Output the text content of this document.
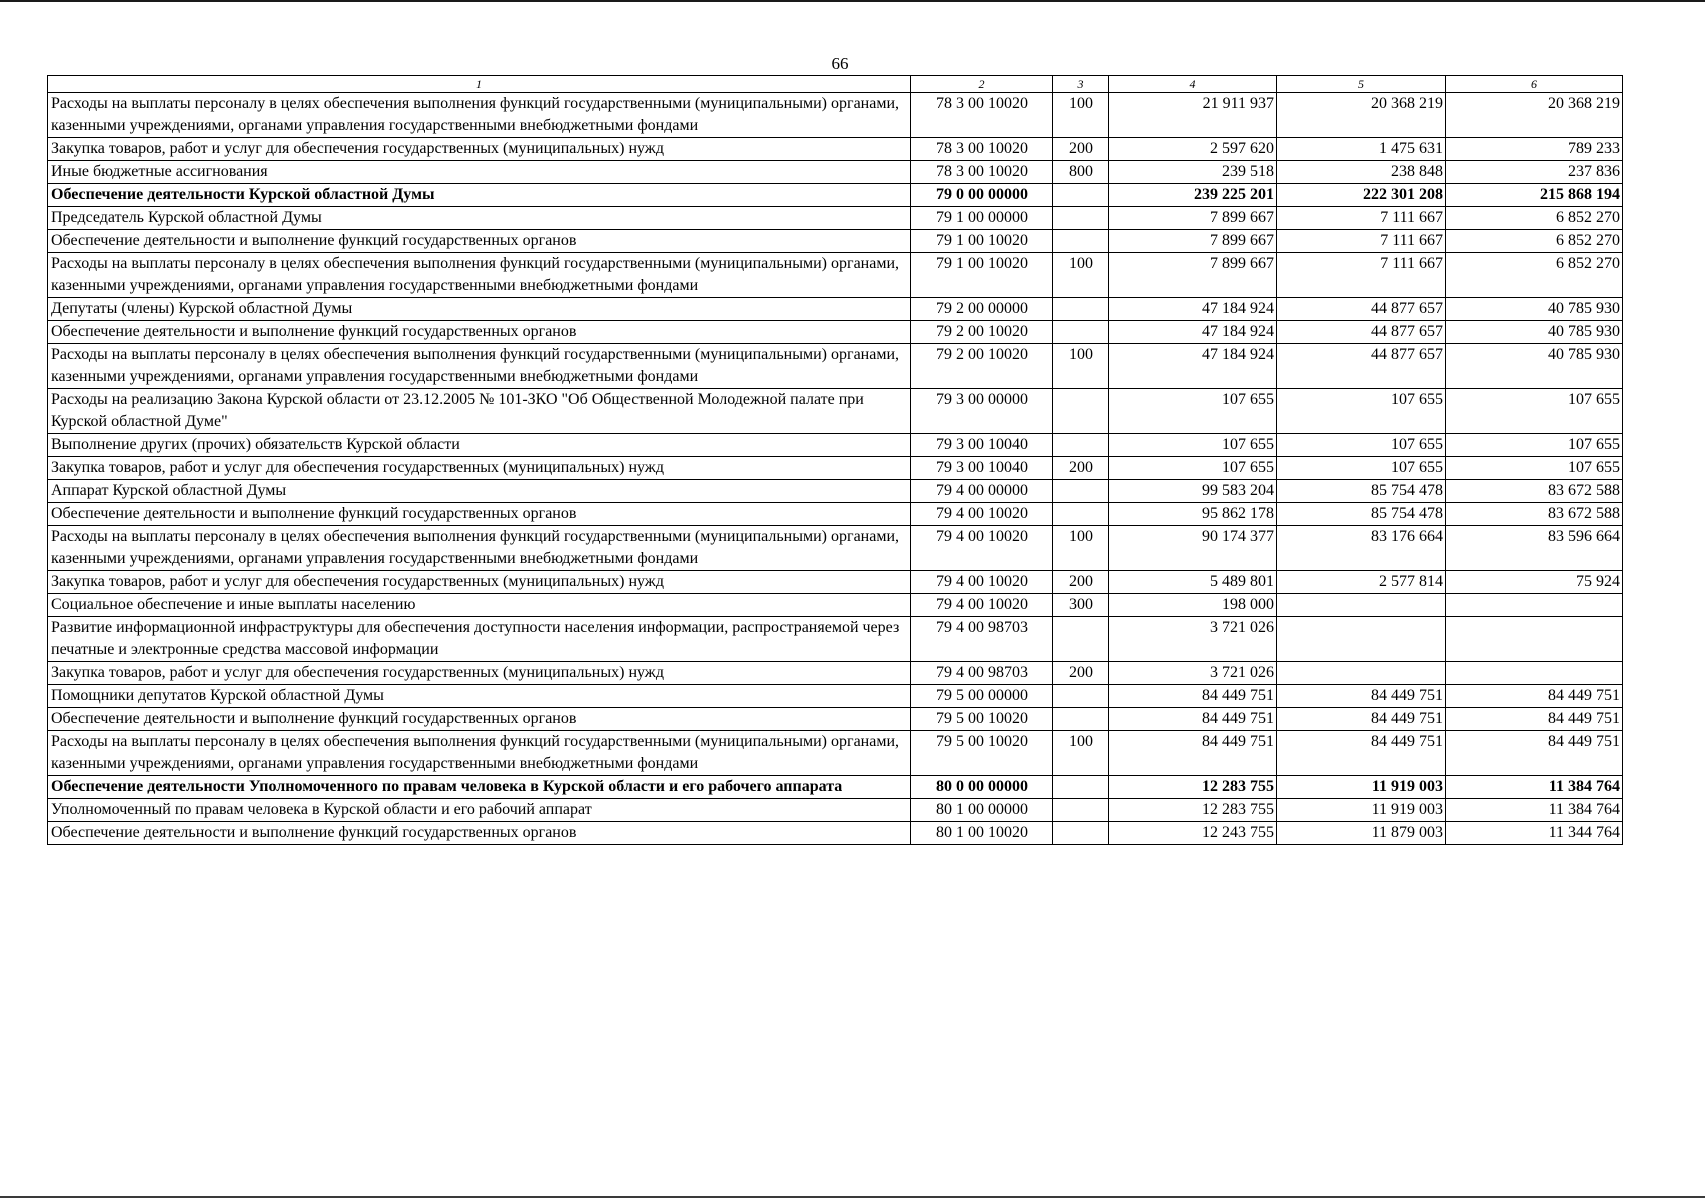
66
1	2	3	4	5	6
Расходы на выплаты персоналу в целях обеспечения выполнения функций государственными (муниципальными) органами, казенными учреждениями, органами управления государственными внебюджетными фондами	78 3 00 10020	100	21 911 937	20 368 219	20 368 219
Закупка товаров, работ и услуг для обеспечения государственных (муниципальных) нужд	78 3 00 10020	200	2 597 620	1 475 631	789 233
Иные бюджетные ассигнования	78 3 00 10020	800	239 518	238 848	237 836
Обеспечение деятельности Курской областной Думы	79 0 00 00000		239 225 201	222 301 208	215 868 194
Председатель Курской областной Думы	79 1 00 00000		7 899 667	7 111 667	6 852 270
Обеспечение деятельности и выполнение функций государственных органов	79 1 00 10020		7 899 667	7 111 667	6 852 270
Расходы на выплаты персоналу в целях обеспечения выполнения функций государственными (муниципальными) органами, казенными учреждениями, органами управления государственными внебюджетными фондами	79 1 00 10020	100	7 899 667	7 111 667	6 852 270
Депутаты (члены) Курской областной Думы	79 2 00 00000		47 184 924	44 877 657	40 785 930
Обеспечение деятельности и выполнение функций государственных органов	79 2 00 10020		47 184 924	44 877 657	40 785 930
Расходы на выплаты персоналу в целях обеспечения выполнения функций государственными (муниципальными) органами, казенными учреждениями, органами управления государственными внебюджетными фондами	79 2 00 10020	100	47 184 924	44 877 657	40 785 930
Расходы на реализацию Закона Курской области от 23.12.2005 № 101-ЗКО "Об Общественной Молодежной палате при Курской областной Думе"	79 3 00 00000		107 655	107 655	107 655
Выполнение других (прочих) обязательств Курской области	79 3 00 10040		107 655	107 655	107 655
Закупка товаров, работ и услуг для обеспечения государственных (муниципальных) нужд	79 3 00 10040	200	107 655	107 655	107 655
Аппарат Курской областной Думы	79 4 00 00000		99 583 204	85 754 478	83 672 588
Обеспечение деятельности и выполнение функций государственных органов	79 4 00 10020		95 862 178	85 754 478	83 672 588
Расходы на выплаты персоналу в целях обеспечения выполнения функций государственными (муниципальными) органами, казенными учреждениями, органами управления государственными внебюджетными фондами	79 4 00 10020	100	90 174 377	83 176 664	83 596 664
Закупка товаров, работ и услуг для обеспечения государственных (муниципальных) нужд	79 4 00 10020	200	5 489 801	2 577 814	75 924
Социальное обеспечение и иные выплаты населению	79 4 00 10020	300	198 000		
Развитие информационной инфраструктуры для обеспечения доступности населения информации, распространяемой через печатные и электронные средства массовой информации	79 4 00 98703		3 721 026		
Закупка товаров, работ и услуг для обеспечения государственных (муниципальных) нужд	79 4 00 98703	200	3 721 026		
Помощники депутатов Курской областной Думы	79 5 00 00000		84 449 751	84 449 751	84 449 751
Обеспечение деятельности и выполнение функций государственных органов	79 5 00 10020		84 449 751	84 449 751	84 449 751
Расходы на выплаты персоналу в целях обеспечения выполнения функций государственными (муниципальными) органами, казенными учреждениями, органами управления государственными внебюджетными фондами	79 5 00 10020	100	84 449 751	84 449 751	84 449 751
Обеспечение деятельности Уполномоченного по правам человека в Курской области и его рабочего аппарата	80 0 00 00000		12 283 755	11 919 003	11 384 764
Уполномоченный по правам человека в Курской области и его рабочий аппарат	80 1 00 00000		12 283 755	11 919 003	11 384 764
Обеспечение деятельности и выполнение функций государственных органов	80 1 00 10020		12 243 755	11 879 003	11 344 764
